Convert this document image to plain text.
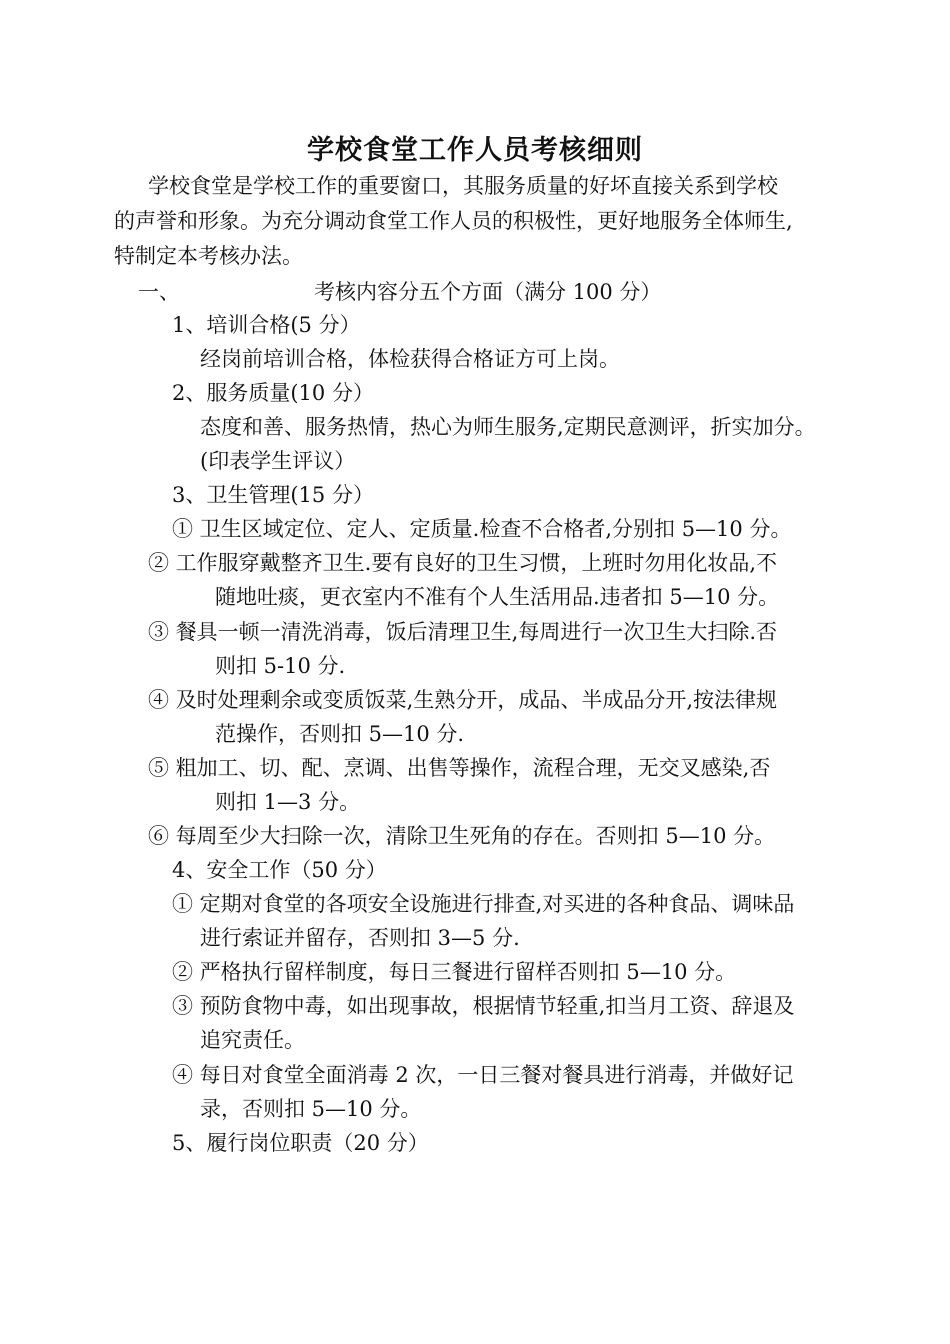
学校食堂工作人员考核细则
学校食堂是学校工作的重要窗口，其服务质量的好坏直接关系到学校
的声誉和形象。为充分调动食堂工作人员的积极性，更好地服务全体师生,
特制定本考核办法。
一、	考核内容分五个方面（满分 100 分）
1、培训合格(5 分）
经岗前培训合格，体检获得合格证方可上岗。
2、服务质量(10 分）
态度和善、服务热情，热心为师生服务,定期民意测评，折实加分。
(印表学生评议）
3、卫生管理(15 分）
① 卫生区域定位、定人、定质量.检查不合格者,分别扣 5—10 分。
② 工作服穿戴整齐卫生.要有良好的卫生习惯，上班时勿用化妆品,不
随地吐痰，更衣室内不准有个人生活用品.违者扣 5—10 分。
③ 餐具一顿一清洗消毒，饭后清理卫生,每周进行一次卫生大扫除.否
则扣 5-10 分.
④ 及时处理剩余或变质饭菜,生熟分开，成品、半成品分开,按法律规
范操作，否则扣 5—10 分.
⑤ 粗加工、切、配、烹调、出售等操作，流程合理，无交叉感染,否
则扣 1—3 分。
⑥ 每周至少大扫除一次，清除卫生死角的存在。否则扣 5—10 分。
4、安全工作（50 分）
① 定期对食堂的各项安全设施进行排查,对买进的各种食品、调味品
进行索证并留存，否则扣 3—5 分.
② 严格执行留样制度，每日三餐进行留样否则扣 5—10 分。
③ 预防食物中毒，如出现事故，根据情节轻重,扣当月工资、辞退及
追究责任。
④ 每日对食堂全面消毒 2 次，一日三餐对餐具进行消毒，并做好记
录，否则扣 5—10 分。
5、履行岗位职责（20 分）
